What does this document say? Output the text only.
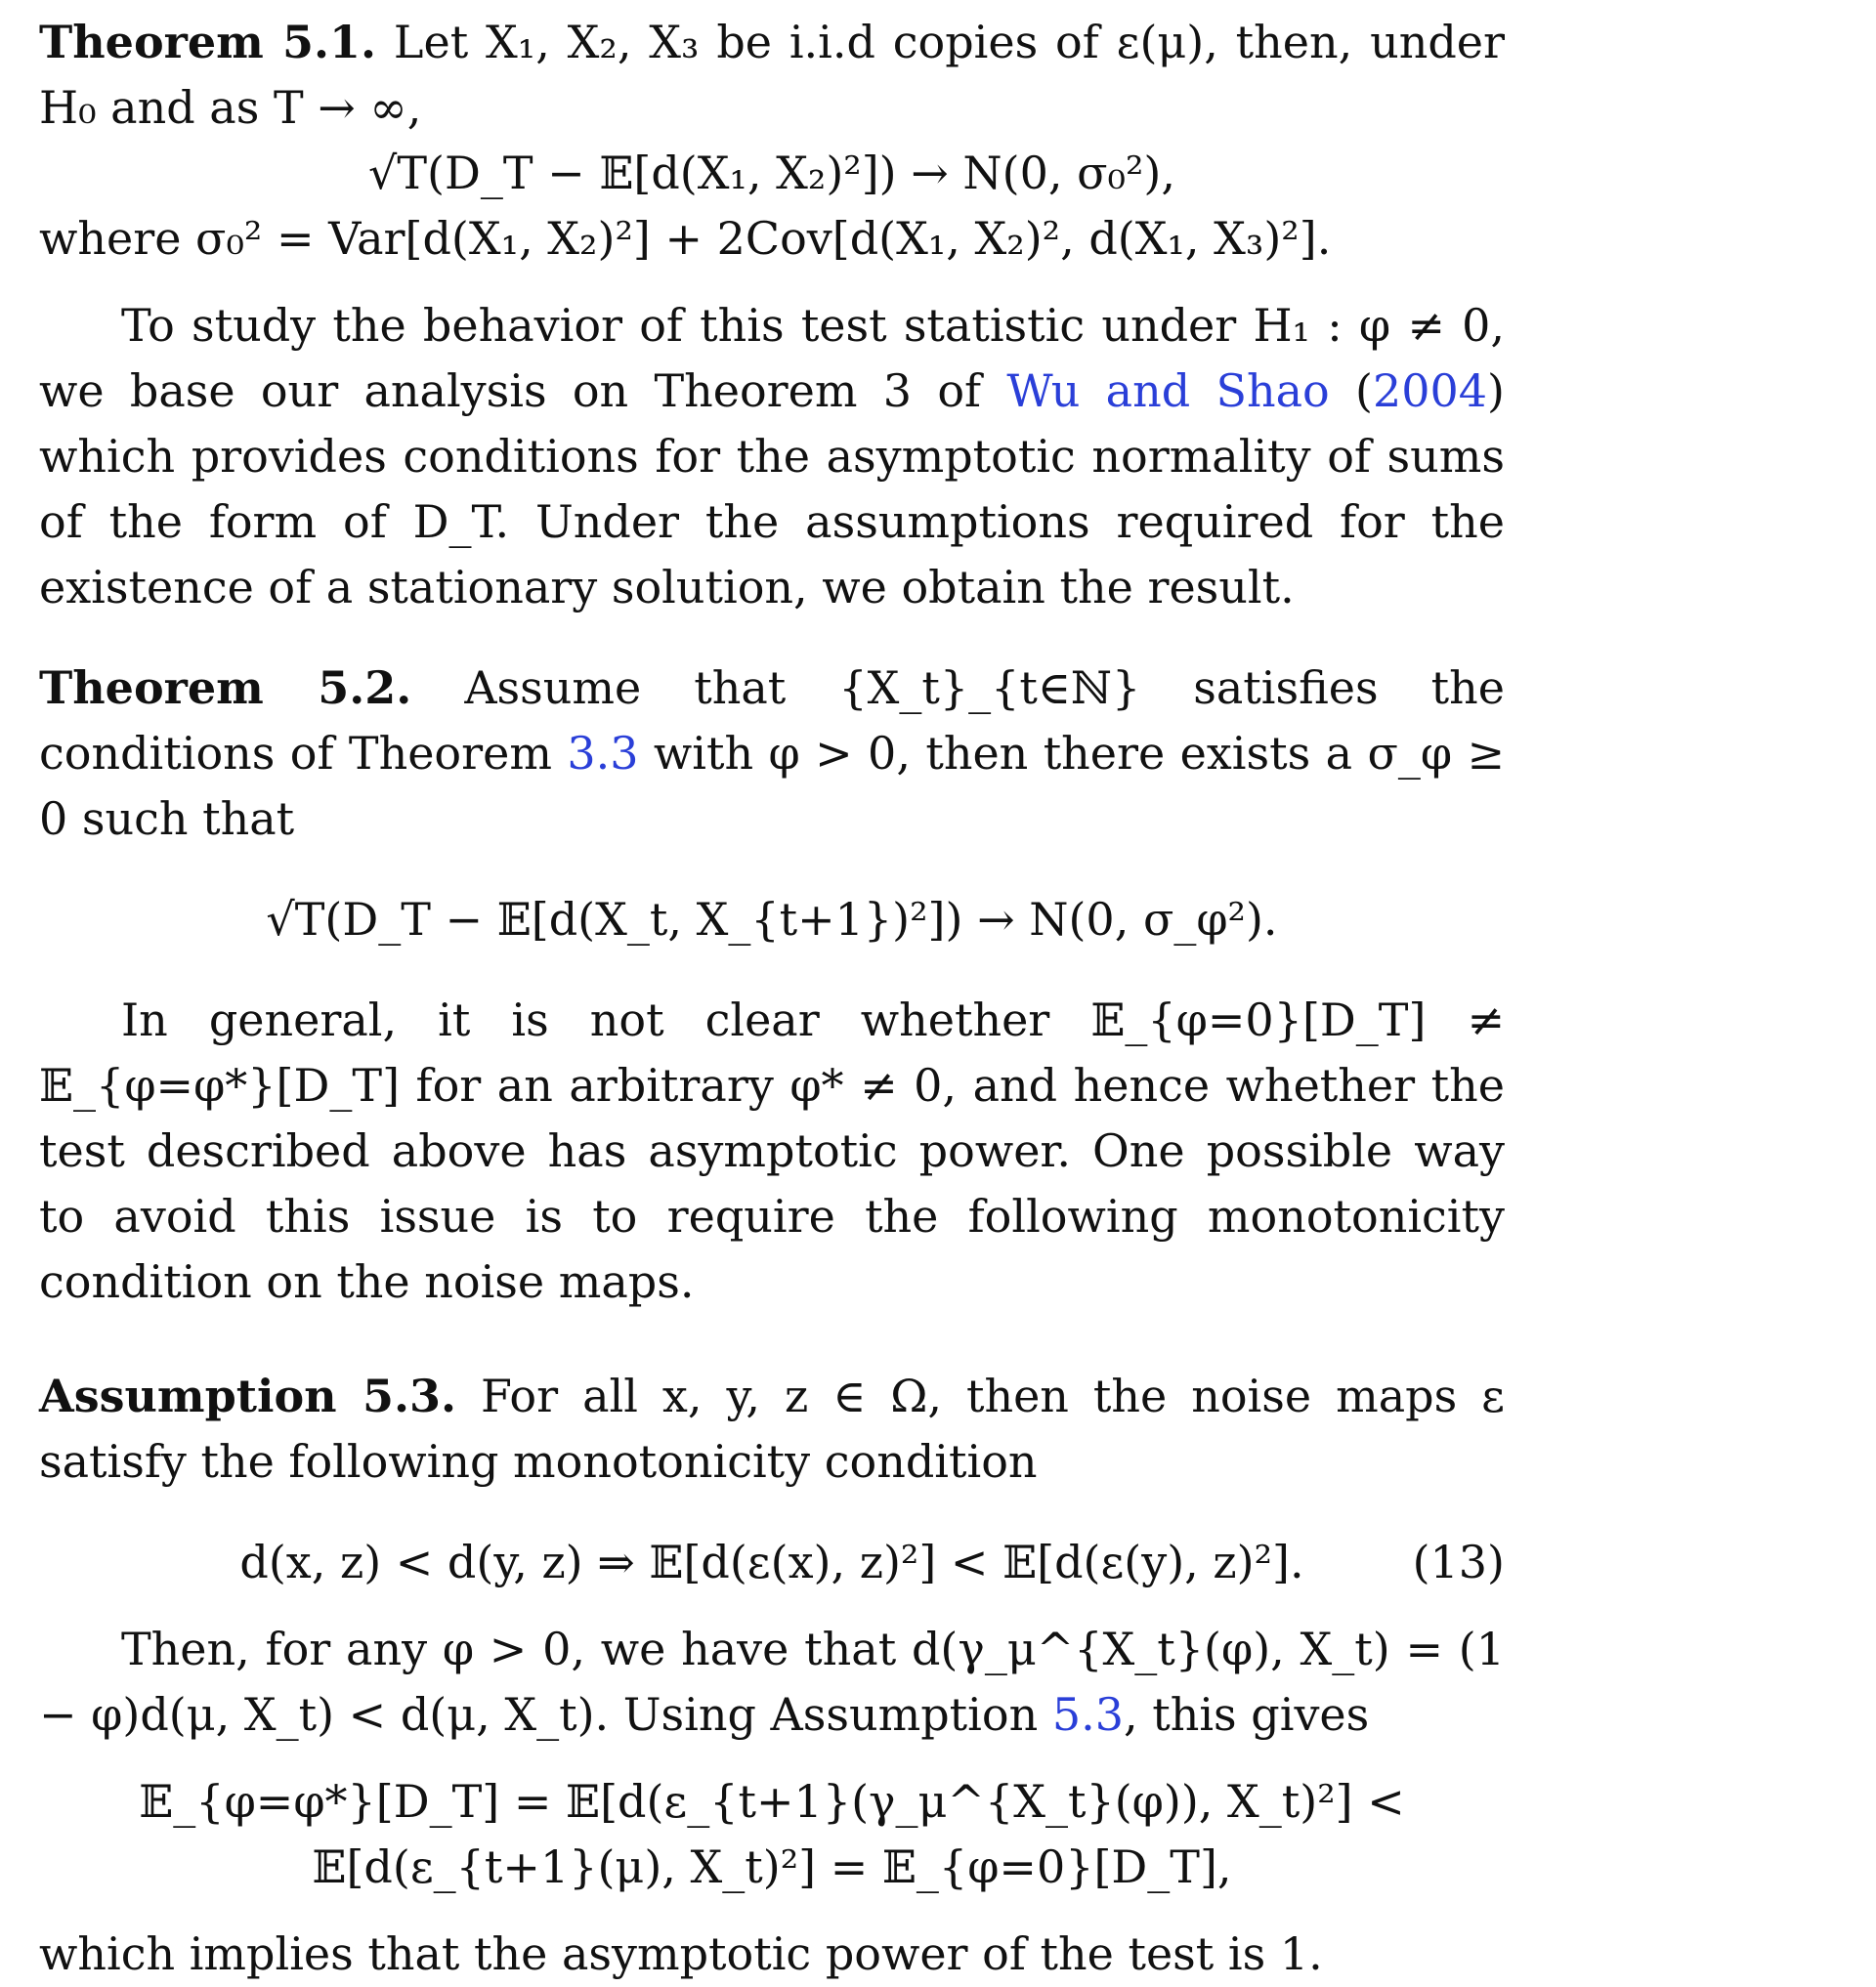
Theorem 5.1. Let X₁, X₂, X₃ be i.i.d copies of ε(μ), then, under H₀ and as T → ∞,

√T(D_T − 𝔼[d(X₁, X₂)²]) → N(0, σ₀²),

where σ₀² = Var[d(X₁, X₂)²] + 2Cov[d(X₁, X₂)², d(X₁, X₃)²].

To study the behavior of this test statistic under H₁ : φ ≠ 0, we base our analysis on Theorem 3 of Wu and Shao (2004) which provides conditions for the asymptotic normality of sums of the form of D_T. Under the assumptions required for the existence of a stationary solution, we obtain the result.

Theorem 5.2. Assume that {X_t}_{t∈ℕ} satisfies the conditions of Theorem 3.3 with φ > 0, then there exists a σ_φ ≥ 0 such that

√T(D_T − 𝔼[d(X_t, X_{t+1})²]) → N(0, σ_φ²).

In general, it is not clear whether 𝔼_{φ=0}[D_T] ≠ 𝔼_{φ=φ*}[D_T] for an arbitrary φ* ≠ 0, and hence whether the test described above has asymptotic power. One possible way to avoid this issue is to require the following monotonicity condition on the noise maps.

Assumption 5.3. For all x, y, z ∈ Ω, then the noise maps ε satisfy the following monotonicity condition

d(x, z) < d(y, z) ⇒ 𝔼[d(ε(x), z)²] < 𝔼[d(ε(y), z)²].	(13)

Then, for any φ > 0, we have that d(γ_μ^{X_t}(φ), X_t) = (1 − φ)d(μ, X_t) < d(μ, X_t). Using Assumption 5.3, this gives

𝔼_{φ=φ*}[D_T] = 𝔼[d(ε_{t+1}(γ_μ^{X_t}(φ)), X_t)²] < 𝔼[d(ε_{t+1}(μ), X_t)²] = 𝔼_{φ=0}[D_T],

which implies that the asymptotic power of the test is 1.
